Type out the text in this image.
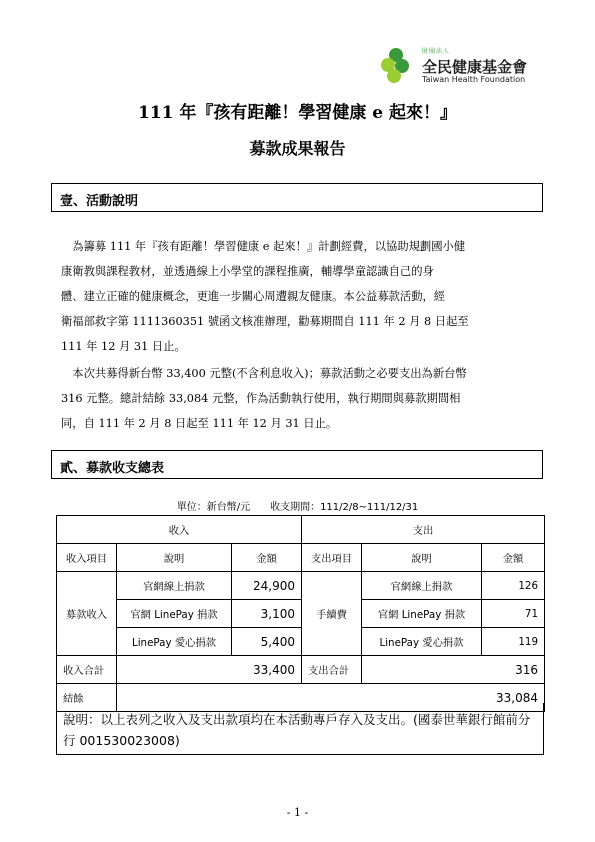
財團法人
全民健康基金會
Taiwan Health Foundation
111 年『孩有距離！學習健康 e 起來！』
募款成果報告
壹、活動說明

　為籌募 111 年『孩有距離！學習健康 e 起來！』計劃經費，以協助規劃國小健

康衛教與課程教材，並透過線上小學堂的課程推廣，輔導學童認識自己的身

體、建立正確的健康概念，更進一步關心周遭親友健康。本公益募款活動，經

衛福部救字第 1111360351 號函文核准辦理，勸募期間自 111 年 2 月 8 日起至

111 年 12 月 31 日止。

　本次共募得新台幣 33,400 元整(不含利息收入)；募款活動之必要支出為新台幣

316 元整。總計結餘 33,084 元整，作為活動執行使用，執行期間與募款期間相

同，自 111 年 2 月 8 日起至 111 年 12 月 31 日止。

貳、募款收支總表
單位：新台幣/元　　收支期間：111/2/8~111/12/31
收入			支出		
收入項目	說明	金額	支出項目	說明	金額
募款收入	官網線上捐款	24,900	手續費	官網線上捐款	126
	官網 LinePay 捐款	3,100		官網 LinePay 捐款	71
	LinePay 愛心捐款	5,400		LinePay 愛心捐款	119
收入合計	33,400		支出合計	316	
結餘	33,084				
說明：以上表列之收入及支出款項均在本活動專戶存入及支出。(國泰世華銀行館前分行 001530023008)
- 1 -
